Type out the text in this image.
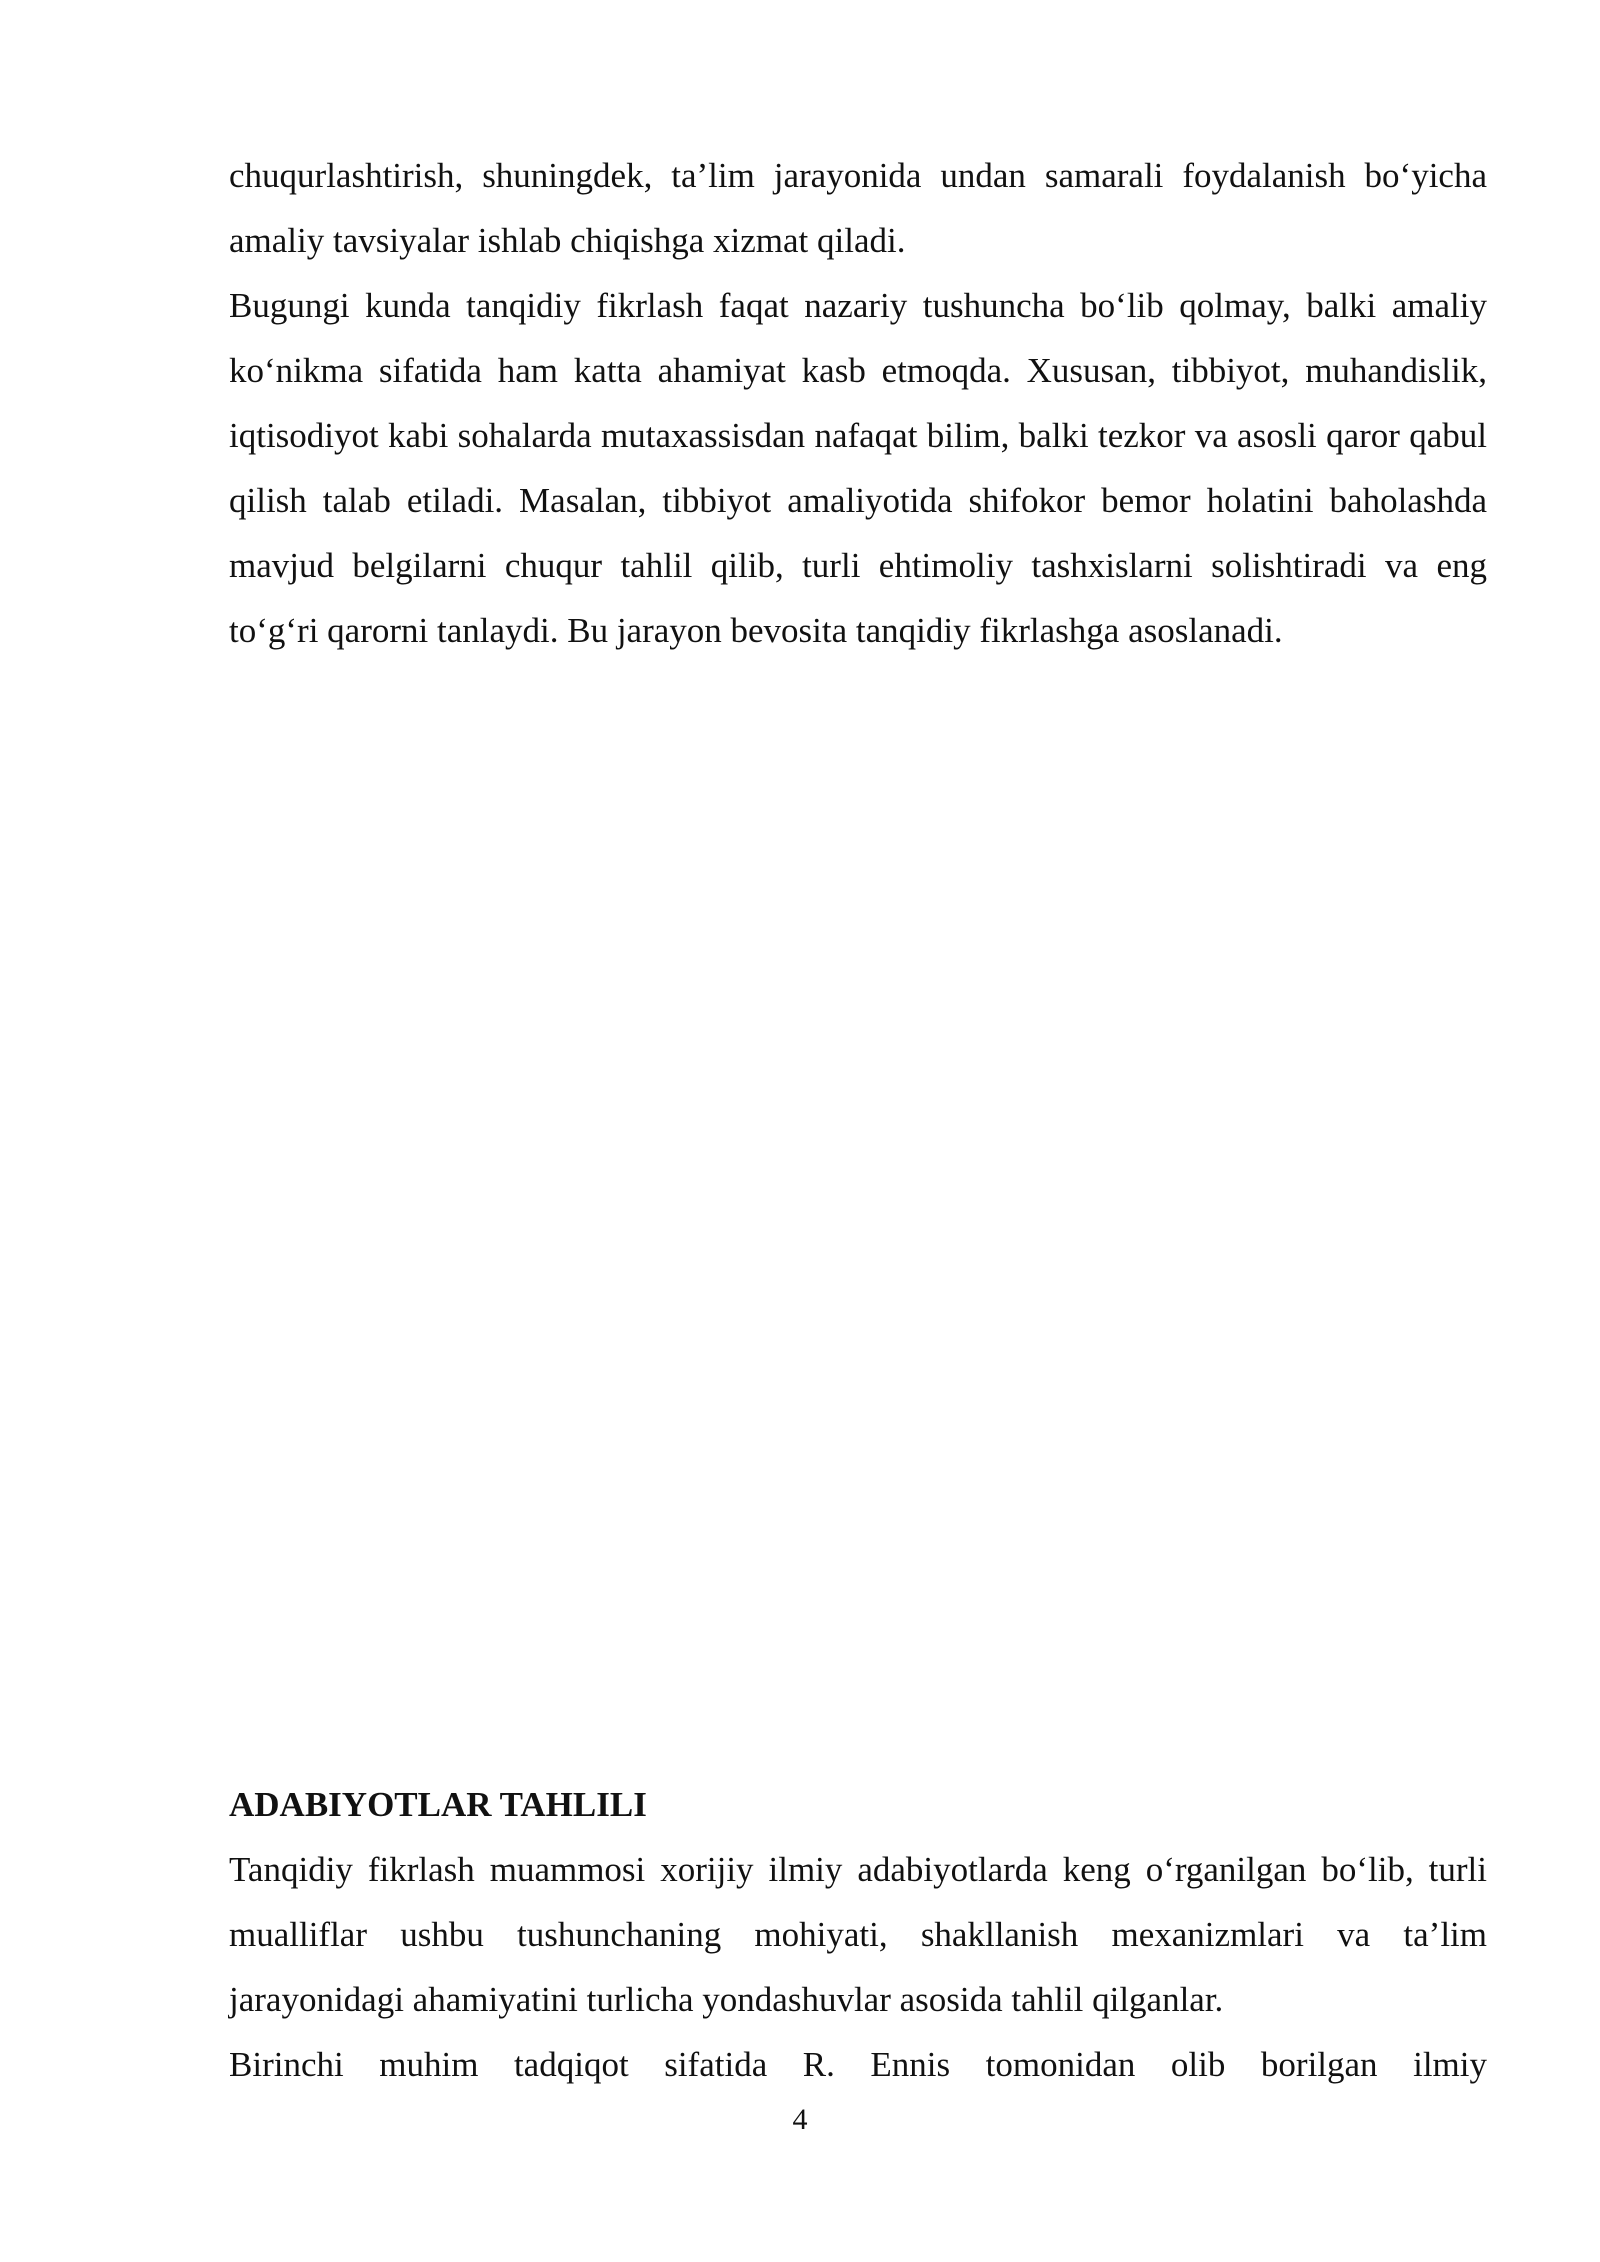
chuqurlashtirish, shuningdek, ta’lim jarayonida undan samarali foydalanish bo‘yicha amaliy tavsiyalar ishlab chiqishga xizmat qiladi.

Bugungi kunda tanqidiy fikrlash faqat nazariy tushuncha bo‘lib qolmay, balki amaliy ko‘nikma sifatida ham katta ahamiyat kasb etmoqda. Xususan, tibbiyot, muhandislik, iqtisodiyot kabi sohalarda mutaxassisdan nafaqat bilim, balki tezkor va asosli qaror qabul qilish talab etiladi. Masalan, tibbiyot amaliyotida shifokor bemor holatini baholashda mavjud belgilarni chuqur tahlil qilib, turli ehtimoliy tashxislarni solishtiradi va eng to‘g‘ri qarorni tanlaydi. Bu jarayon bevosita tanqidiy fikrlashga asoslanadi.

ADABIYOTLAR TAHLILI

Tanqidiy fikrlash muammosi xorijiy ilmiy adabiyotlarda keng o‘rganilgan bo‘lib, turli mualliflar ushbu tushunchaning mohiyati, shakllanish mexanizmlari va ta’lim jarayonidagi ahamiyatini turlicha yondashuvlar asosida tahlil qilganlar.

Birinchi muhim tadqiqot sifatida R. Ennis tomonidan olib borilgan ilmiy

4
